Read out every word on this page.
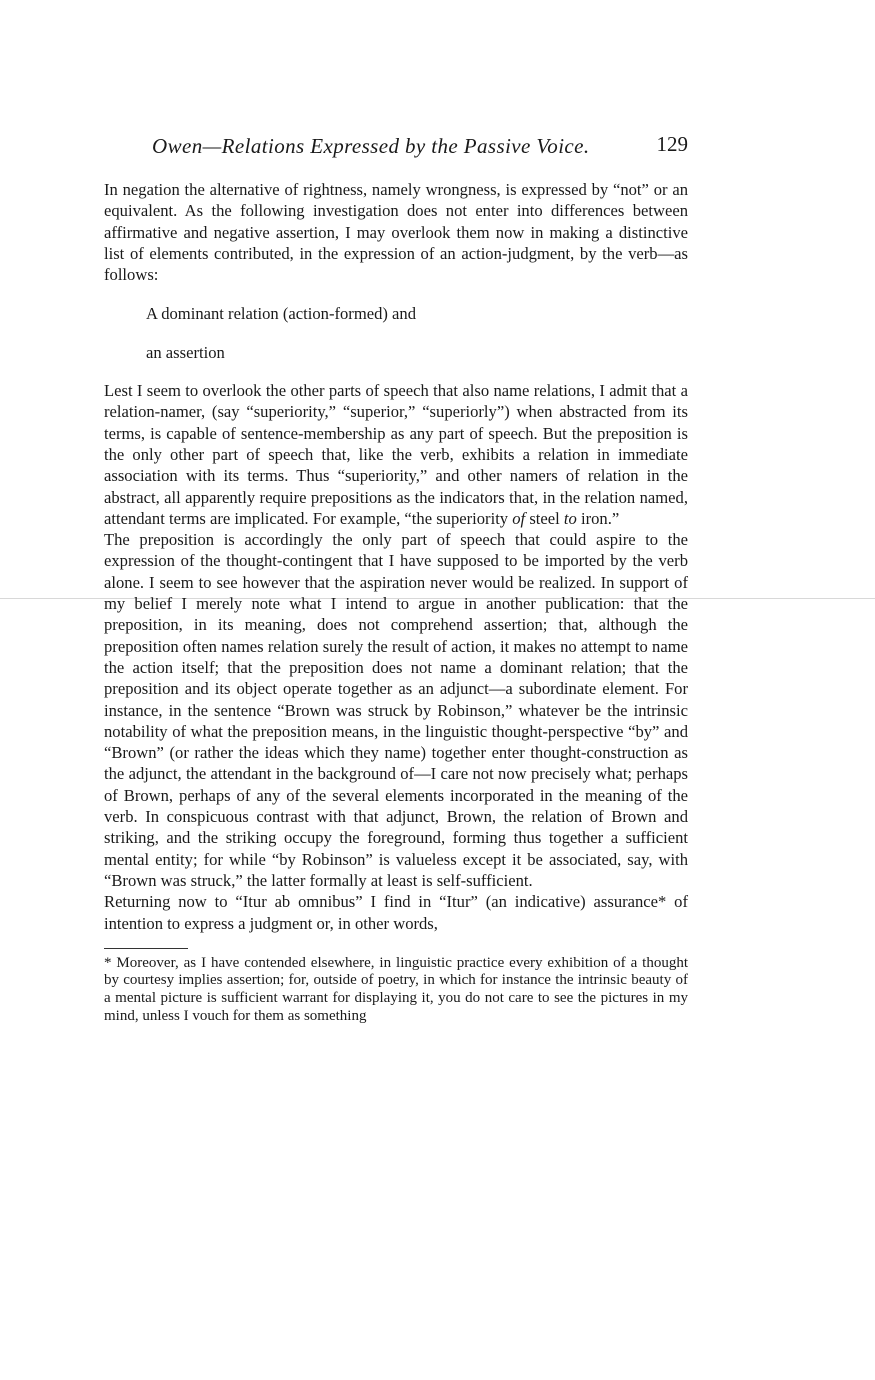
Owen—Relations Expressed by the Passive Voice.	129

In negation the alternative of rightness, namely wrongness, is expressed by “not” or an equivalent. As the following investigation does not enter into differences between affirmative and negative assertion, I may overlook them now in making a distinctive list of elements contributed, in the expression of an action-judgment, by the verb—as follows:

A dominant relation (action-formed) and
an assertion

Lest I seem to overlook the other parts of speech that also name relations, I admit that a relation-namer, (say “superiority,” “superior,” “superiorly”) when abstracted from its terms, is capable of sentence-membership as any part of speech. But the preposition is the only other part of speech that, like the verb, exhibits a relation in immediate association with its terms. Thus “superiority,” and other namers of relation in the abstract, all apparently require prepositions as the indicators that, in the relation named, attendant terms are implicated. For example, “the superiority of steel to iron.”

The preposition is accordingly the only part of speech that could aspire to the expression of the thought-contingent that I have supposed to be imported by the verb alone. I seem to see however that the aspiration never would be realized. In support of my belief I merely note what I intend to argue in another publication: that the preposition, in its meaning, does not comprehend assertion; that, although the preposition often names relation surely the result of action, it makes no attempt to name the action itself; that the preposition does not name a dominant relation; that the preposition and its object operate together as an adjunct—a subordinate element. For instance, in the sentence “Brown was struck by Robinson,” whatever be the intrinsic notability of what the preposition means, in the linguistic thought-perspective “by” and “Brown” (or rather the ideas which they name) together enter thought-construction as the adjunct, the attendant in the background of—I care not now precisely what; perhaps of Brown, perhaps of any of the several elements incorporated in the meaning of the verb. In conspicuous contrast with that adjunct, Brown, the relation of Brown and striking, and the striking occupy the foreground, forming thus together a sufficient mental entity; for while “by Robinson” is valueless except it be associated, say, with “Brown was struck,” the latter formally at least is self-sufficient.

Returning now to “Itur ab omnibus” I find in “Itur” (an indicative) assurance* of intention to express a judgment or, in other words,

* Moreover, as I have contended elsewhere, in linguistic practice every exhibition of a thought by courtesy implies assertion; for, outside of poetry, in which for instance the intrinsic beauty of a mental picture is sufficient warrant for displaying it, you do not care to see the pictures in my mind, unless I vouch for them as something
